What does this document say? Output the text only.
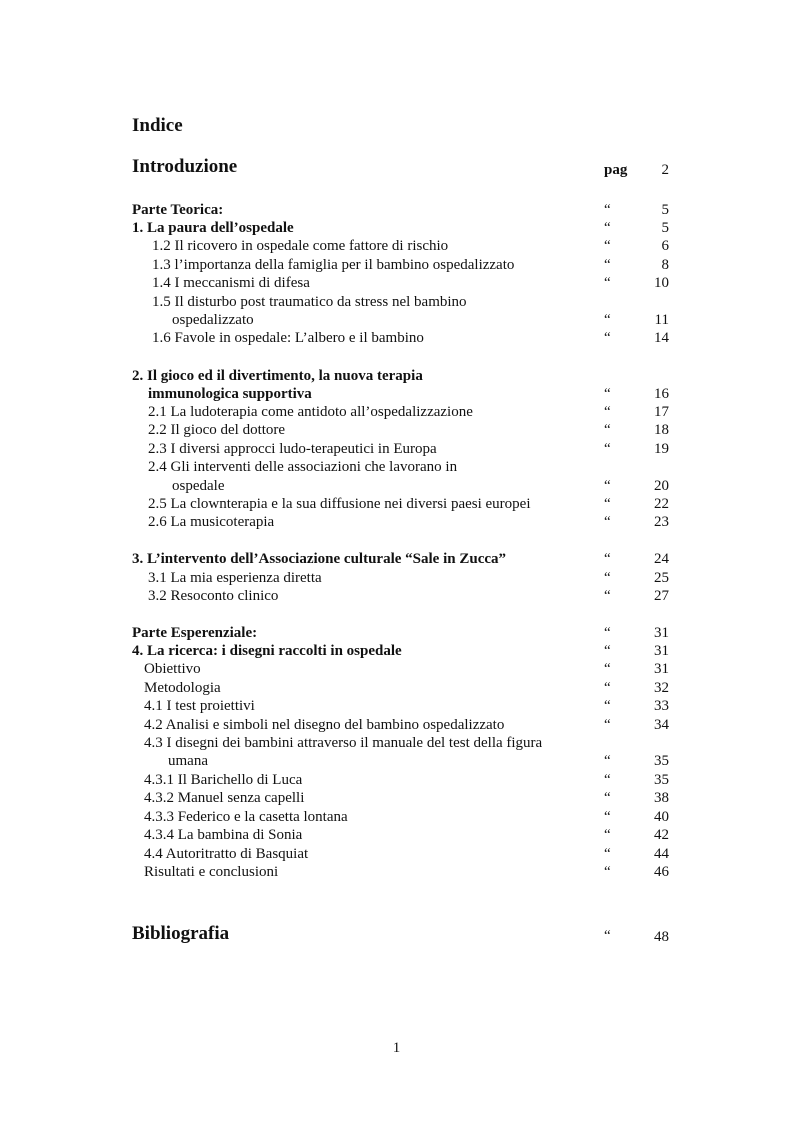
Indice
Introduzione	pag 2
Parte Teorica:	“	5
1. La paura dell’ospedale	“	5
1.2 Il ricovero in ospedale come fattore di rischio	“	6
1.3 l’importanza della famiglia per il bambino ospedalizzato	“	8
1.4 I meccanismi di difesa	“	10
1.5 Il disturbo post traumatico da stress nel bambino
ospedalizzato	“	11
1.6 Favole in ospedale: L’albero e il bambino	“	14
2. Il gioco ed il divertimento, la nuova terapia
immunologica supportiva	“	16
2.1 La ludoterapia come antidoto all’ospedalizzazione	“	17
2.2 Il gioco del dottore	“	18
2.3 I diversi approcci ludo-terapeutici in Europa	“	19
2.4 Gli interventi delle associazioni che lavorano in
ospedale	“	20
2.5 La clownterapia e la sua diffusione nei diversi paesi europei	“	22
2.6 La musicoterapia	“	23
3. L’intervento dell’Associazione culturale “Sale in Zucca”	“	24
3.1 La mia esperienza diretta	“	25
3.2 Resoconto clinico	“	27
Parte Esperenziale:	“	31
4. La ricerca: i disegni raccolti in ospedale	“	31
Obiettivo	“	31
Metodologia	“	32
4.1 I test proiettivi	“	33
4.2 Analisi e simboli nel disegno del bambino ospedalizzato	“	34
4.3 I disegni dei bambini attraverso il manuale del test della figura
umana	“	35
4.3.1 Il Barichello di Luca	“	35
4.3.2 Manuel senza capelli	“	38
4.3.3 Federico e la casetta lontana	“	40
4.3.4 La bambina di Sonia	“	42
4.4 Autoritratto di Basquiat	“	44
Risultati e conclusioni	“	46
Bibliografia	“	48
1
